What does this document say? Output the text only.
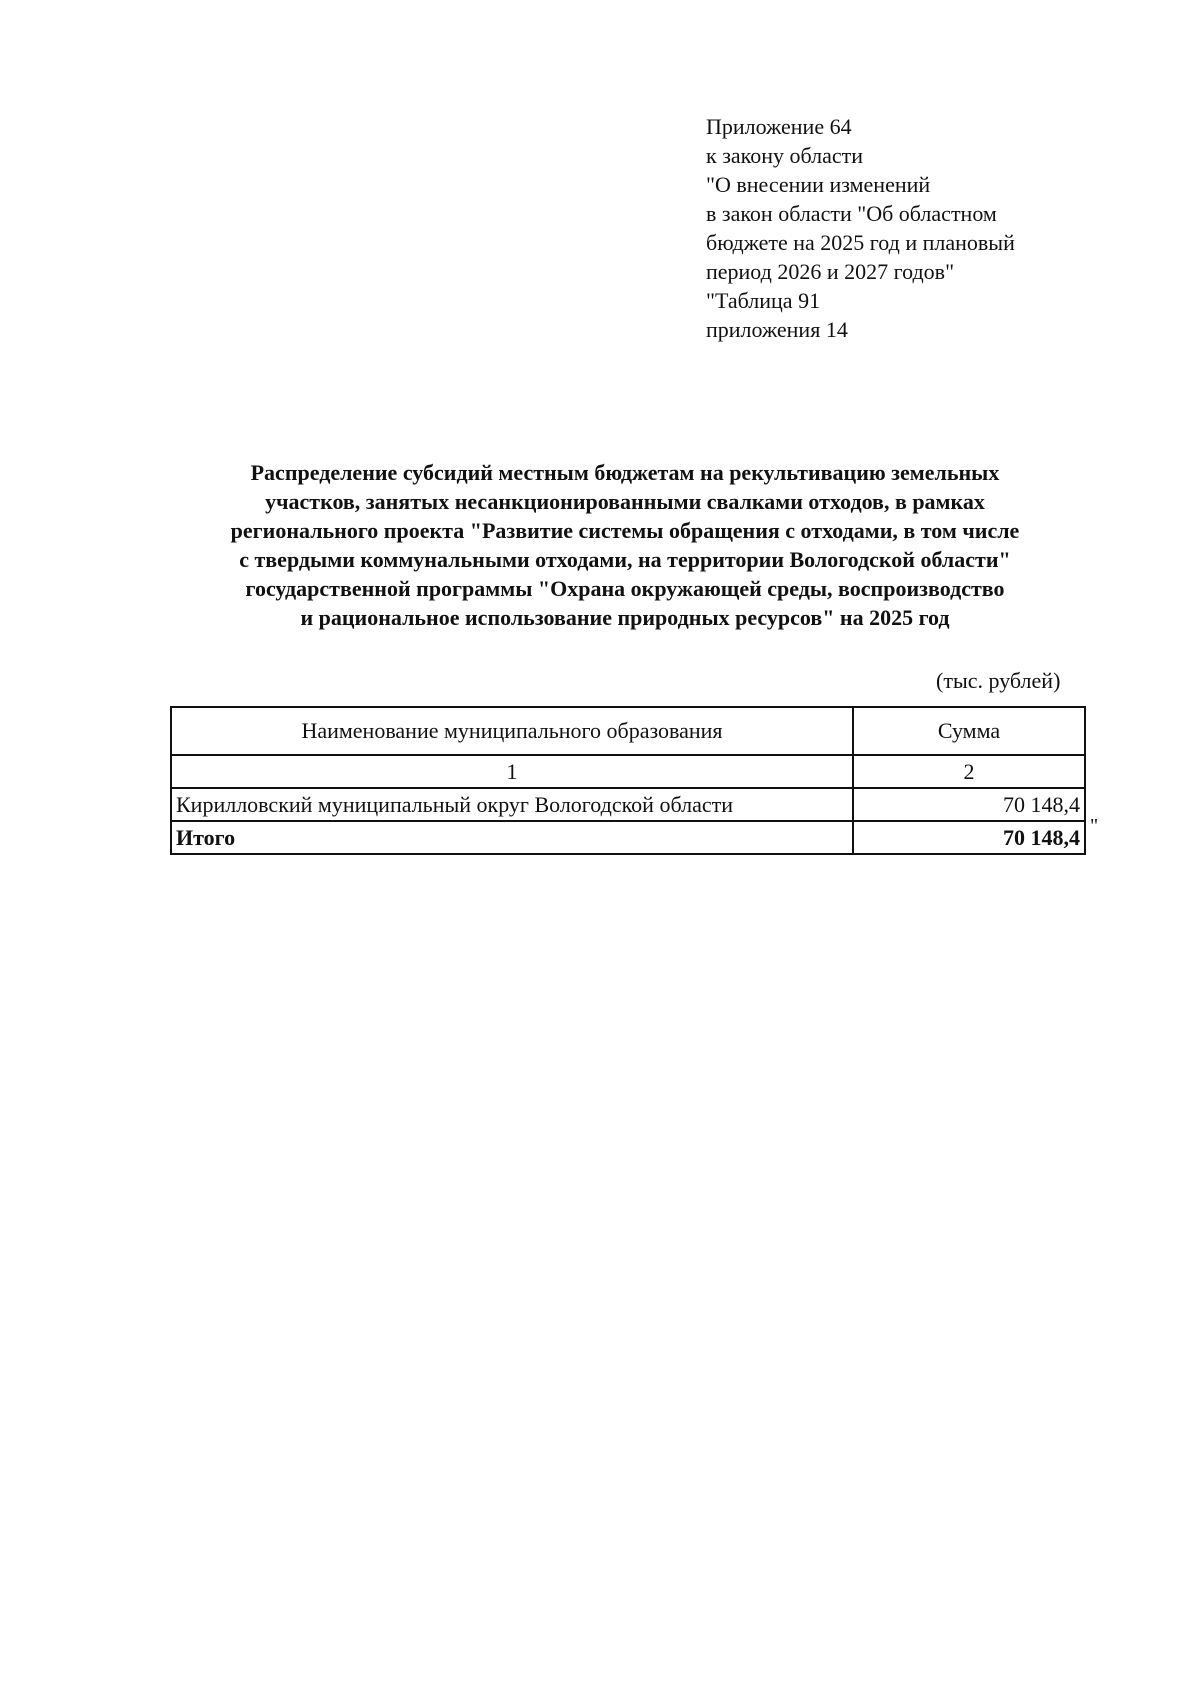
Приложение 64
к закону области
"О внесении изменений
в закон области "Об областном
бюджете на 2025 год и плановый
период 2026 и 2027 годов"
"Таблица 91
приложения 14
Распределение субсидий местным бюджетам на рекультивацию земельных
участков, занятых несанкционированными свалками отходов, в рамках
регионального проекта "Развитие системы обращения с отходами, в том числе
с твердыми коммунальными отходами, на территории Вологодской области"
государственной программы "Охрана окружающей среды, воспроизводство
и рациональное использование природных ресурсов" на 2025 год
(тыс. рублей)
Наименование муниципального образования	Сумма
1	2
Кирилловский муниципальный округ Вологодской области	70 148,4
Итого	70 148,4 "
